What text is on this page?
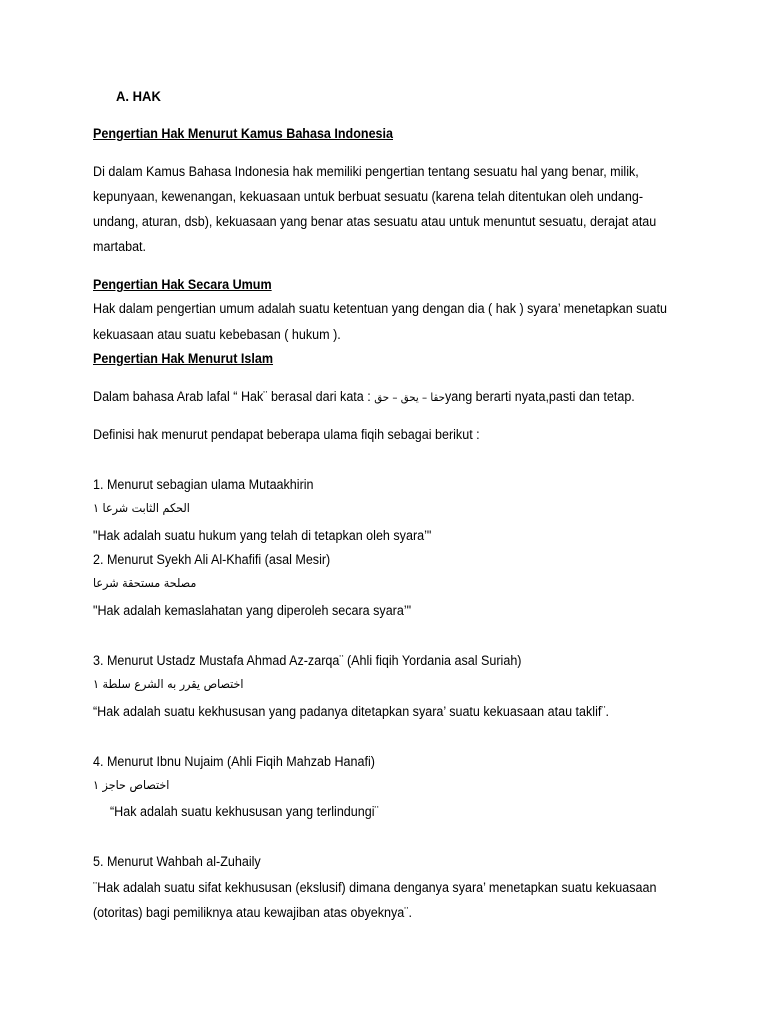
A. HAK
Pengertian Hak Menurut Kamus Bahasa Indonesia
Di dalam Kamus Bahasa Indonesia hak memiliki pengertian tentang sesuatu hal yang benar, milik,
kepunyaan, kewenangan, kekuasaan untuk berbuat sesuatu (karena telah ditentukan oleh undang-
undang, aturan, dsb), kekuasaan yang benar atas sesuatu atau untuk menuntut sesuatu, derajat atau
martabat.
Pengertian Hak Secara Umum
Hak dalam pengertian umum adalah suatu ketentuan yang dengan dia ( hak ) syara’ menetapkan suatu
kekuasaan atau suatu kebebasan ( hukum ).
Pengertian Hak Menurut Islam
Dalam bahasa Arab lafal “ Hak¨ berasal dari kata : حقا – يحق – حقyang berarti nyata,pasti dan tetap.
Definisi hak menurut pendapat beberapa ulama fiqih sebagai berikut :
1. Menurut sebagian ulama Mutaakhirin
الحكم الثابت شرعا ١
"Hak adalah suatu hukum yang telah di tetapkan oleh syara’"
2. Menurut Syekh Ali Al-Khafifi (asal Mesir)
مصلحة مستحقة شرعا
"Hak adalah kemaslahatan yang diperoleh secara syara’"
3. Menurut Ustadz Mustafa Ahmad Az-zarqa¨ (Ahli fiqih Yordania asal Suriah)
اختصاص يقرر به الشرع سلطة ١
“Hak adalah suatu kekhususan yang padanya ditetapkan syara’ suatu kekuasaan atau taklif¨.
4. Menurut Ibnu Nujaim (Ahli Fiqih Mahzab Hanafi)
اختصاص حاجز ١
“Hak adalah suatu kekhususan yang terlindungi¨
5. Menurut Wahbah al-Zuhaily
¨Hak adalah suatu sifat kekhususan (ekslusif) dimana denganya syara’ menetapkan suatu kekuasaan
(otoritas) bagi pemiliknya atau kewajiban atas obyeknya¨.
